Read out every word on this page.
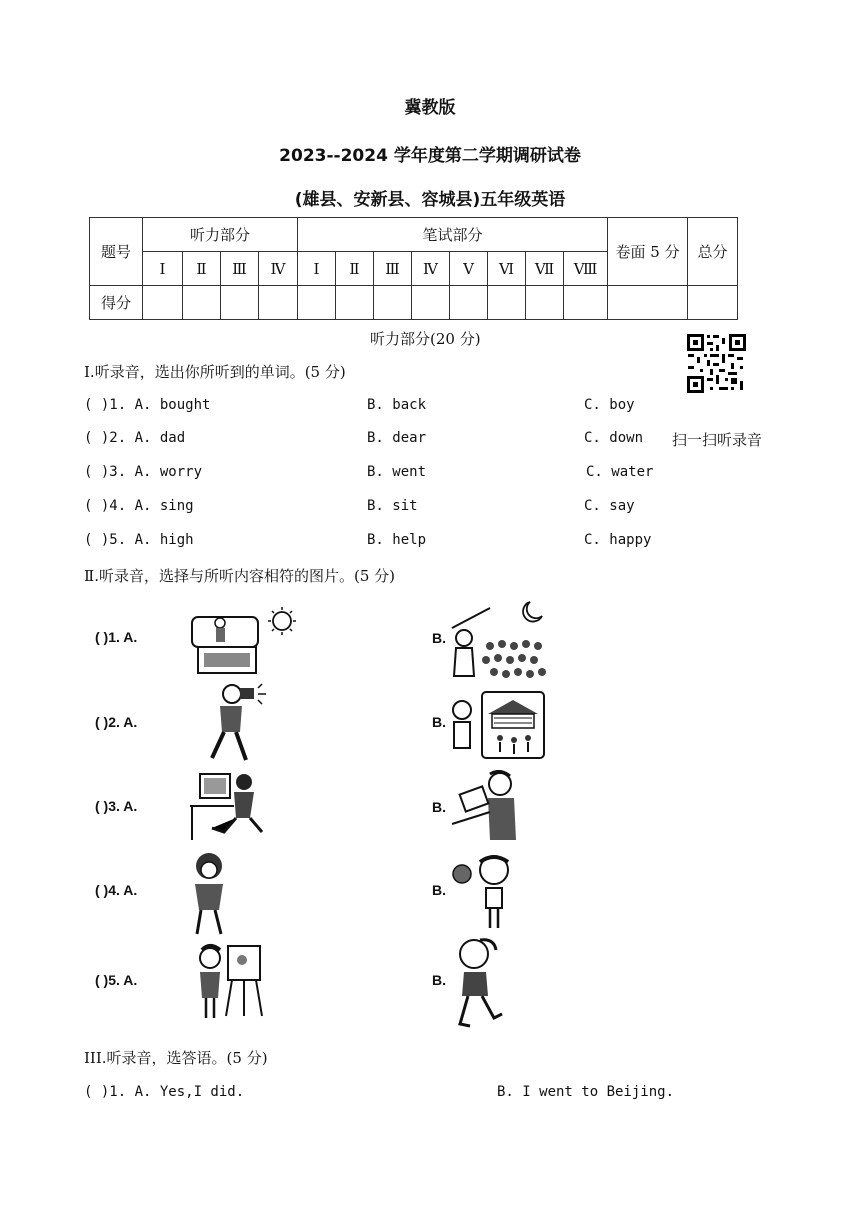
冀教版
2023--2024 学年度第二学期调研试卷
(雄县、安新县、容城县)五年级英语
题号	听力部分				笔试部分								卷面 5 分	总分
	Ⅰ	Ⅱ	Ⅲ	Ⅳ	Ⅰ	Ⅱ	Ⅲ	Ⅳ	Ⅴ	Ⅵ	Ⅶ	Ⅷ		
得分														
听力部分(20 分)
Ⅰ.听录音，选出你所听到的单词。(5 分)
( )1. A. bought	B. back	C. boy
( )2. A. dad	B. dear	C. down 扫一扫听录音
( )3. A. worry	B. went	C. water
( )4. A. sing	B. sit	C. say
( )5. A. high	B. help	C. happy
Ⅱ.听录音，选择与所听内容相符的图片。(5 分)
( )1. A.	B.
( )2. A.	B.
( )3. A.	B.
( )4. A.	B.
( )5. A.	B.
III.听录音，选答语。(5 分)
( )1. A. Yes,I did.	B. I went to Beijing.
